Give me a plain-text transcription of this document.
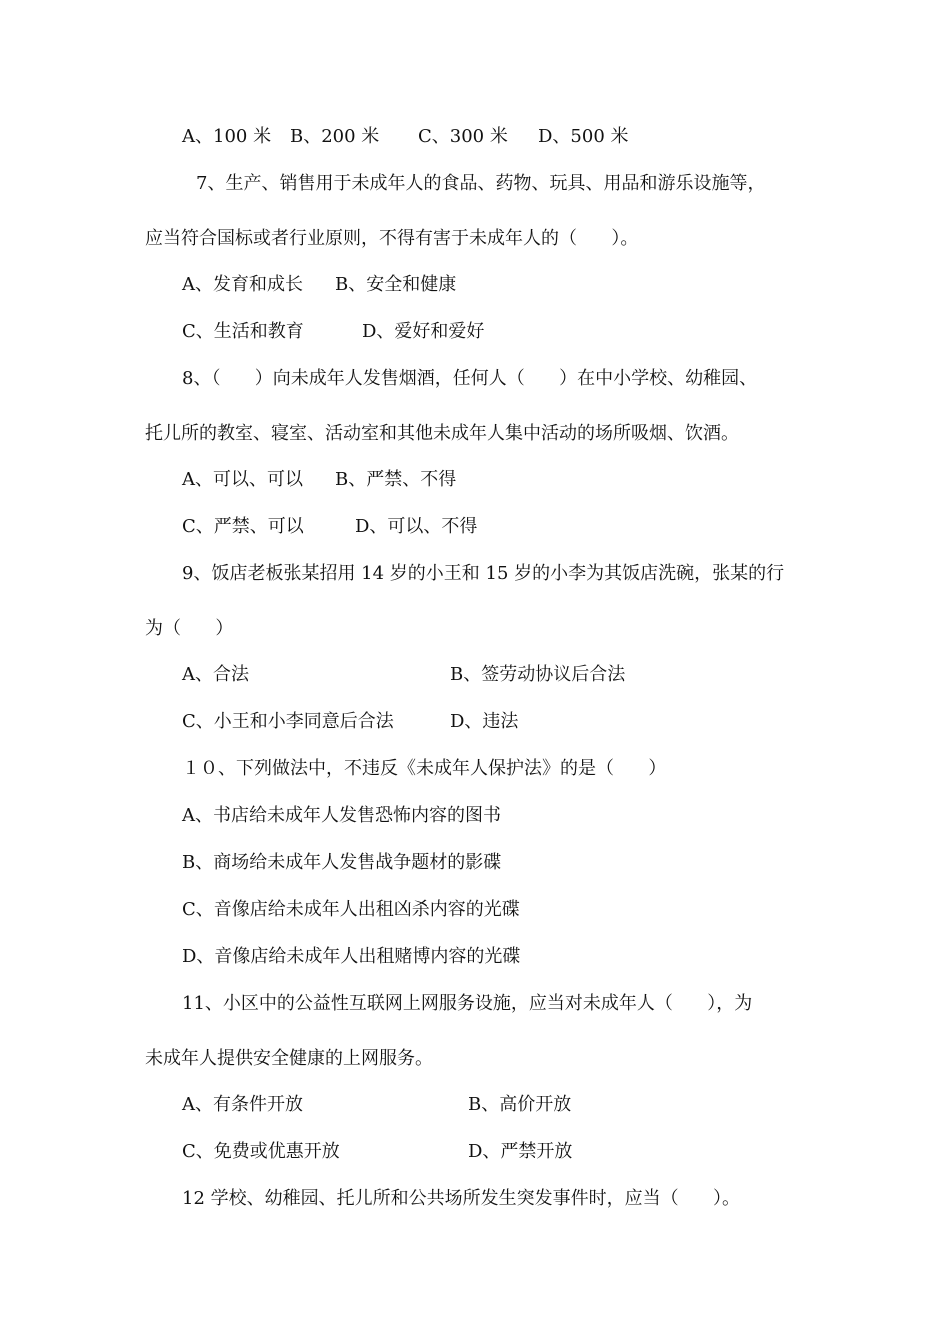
A、100 米 B、200 米 C、300 米 D、500 米
7、生产、销售用于未成年人的食品、药物、玩具、用品和游乐设施等，
应当符合国标或者行业原则，不得有害于未成年人的（      ）。
A、发育和成长 B、安全和健康
C、生活和教育	D、爱好和爱好
8、（      ）向未成年人发售烟酒，任何人（      ）在中小学校、幼稚园、
托儿所的教室、寝室、活动室和其他未成年人集中活动的场所吸烟、饮酒。
A、可以、可以 B、严禁、不得
C、严禁、可以	D、可以、不得
9、饭店老板张某招用 14 岁的小王和 15 岁的小李为其饭店洗碗，张某的行
为（      ）
A、合法	B、签劳动协议后合法
C、小王和小李同意后合法	D、违法
１０、下列做法中，不违反《未成年人保护法》的是（      ）
A、书店给未成年人发售恐怖内容的图书
B、商场给未成年人发售战争题材的影碟
C、音像店给未成年人出租凶杀内容的光碟
D、音像店给未成年人出租赌博内容的光碟
11、小区中的公益性互联网上网服务设施，应当对未成年人（      ），为
未成年人提供安全健康的上网服务。
A、有条件开放	B、高价开放
C、免费或优惠开放	D、严禁开放
12 学校、幼稚园、托儿所和公共场所发生突发事件时，应当（      ）。
